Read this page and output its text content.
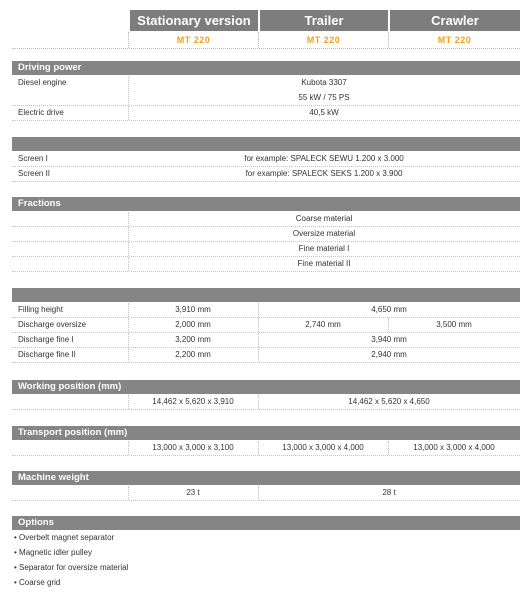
Stationary version	Trailer	Crawler
MT 220	MT 220	MT 220
Driving power
Diesel engine	Kubota 3307
55 kW / 75 PS
Electric drive	40,5 kW
Screen I	for example: SPALECK SEWU 1.200 x 3.000
Screen II	for example: SPALECK SEKS 1.200 x 3.900
Fractions
Coarse material
Oversize material
Fine material I
Fine material II
Filling height	3,910 mm	4,650 mm
Discharge oversize	2,000 mm	2,740 mm	3,500 mm
Discharge fine I	3,200 mm	3,940 mm
Discharge fine II	2,200 mm	2,940 mm
Working position (mm)
14,462 x 5,620 x 3,910	14,462 x 5,620 x 4,650
Transport position (mm)
13,000 x 3,000 x 3,100	13,000 x 3,000 x 4,000	13,000 x 3,000 x 4,000
Machine weight
23 t	28 t
Options
• Overbelt magnet separator
• Magnetic idler pulley
• Separator for oversize material
• Coarse grid
